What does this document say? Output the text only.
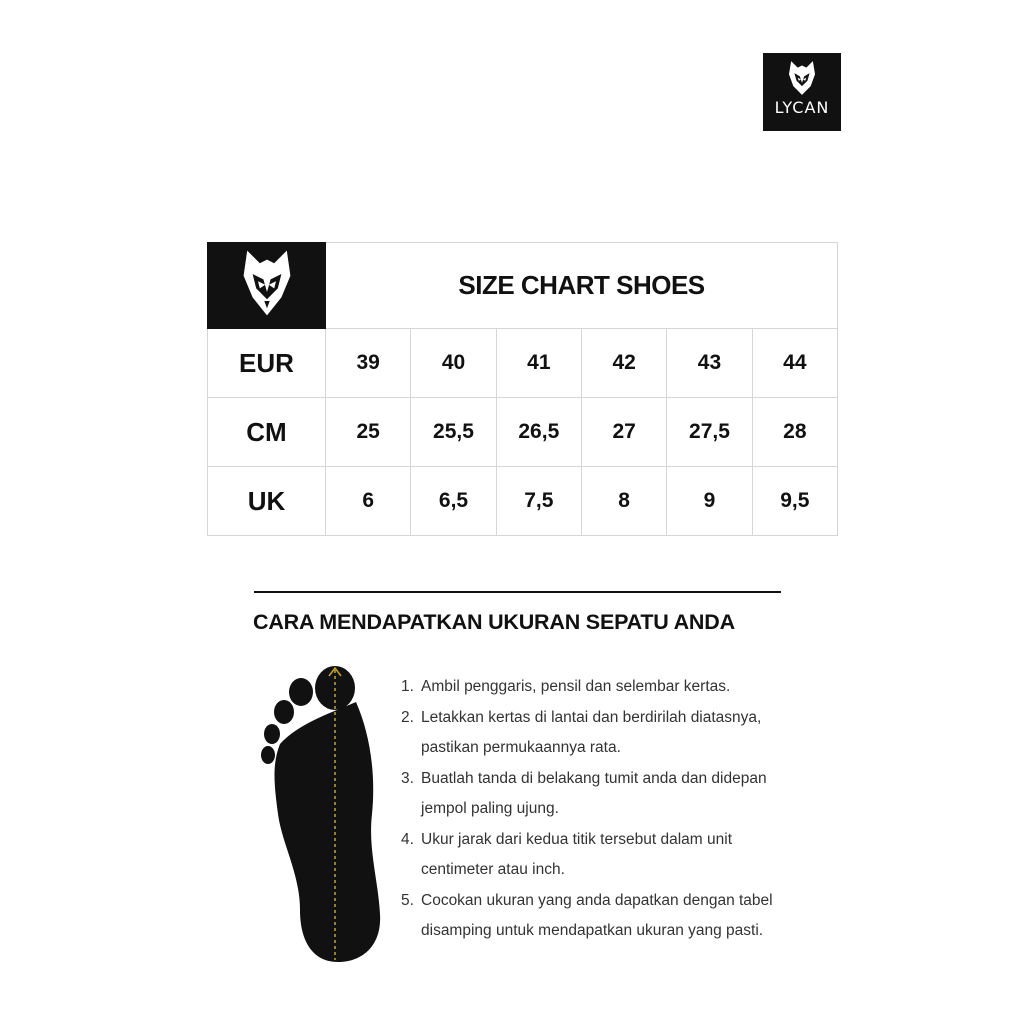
LYCAN
	SIZE CHART SHOES					
EUR	39	40	41	42	43	44
CM	25	25,5	26,5	27	27,5	28
UK	6	6,5	7,5	8	9	9,5
CARA MENDAPATKAN UKURAN SEPATU ANDA
1. Ambil penggaris, pensil dan selembar kertas.
2. Letakkan kertas di lantai dan berdirilah diatasnya,
pastikan permukaannya rata.
3. Buatlah tanda di belakang tumit anda dan didepan
jempol paling ujung.
4. Ukur jarak dari kedua titik tersebut dalam unit
centimeter atau inch.
5. Cocokan ukuran yang anda dapatkan dengan tabel
disamping untuk mendapatkan ukuran yang pasti.
